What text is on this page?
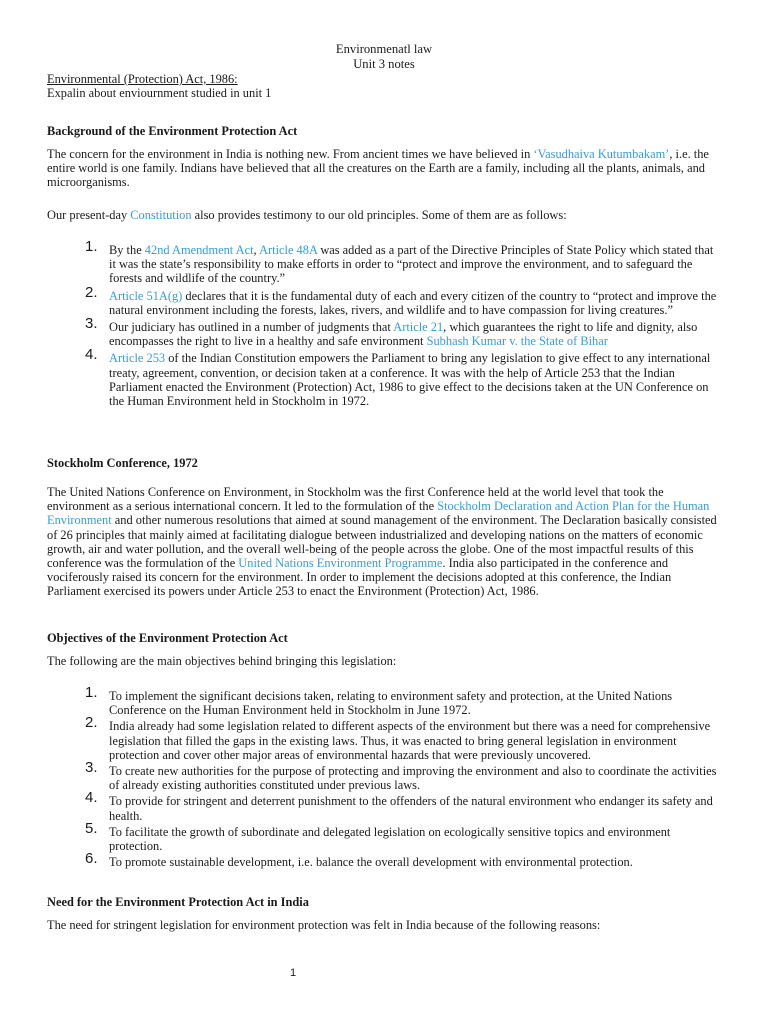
Environmenatl law
Unit 3 notes
Environmental (Protection) Act, 1986:
Expalin about enviournment studied in unit 1
Background of the Environment Protection Act
The concern for the environment in India is nothing new. From ancient times we have believed in ‘Vasudhaiva Kutumbakam’, i.e. the entire world is one family. Indians have believed that all the creatures on the Earth are a family, including all the plants, animals, and microorganisms.
Our present-day Constitution also provides testimony to our old principles. Some of them are as follows:
1. By the 42nd Amendment Act, Article 48A was added as a part of the Directive Principles of State Policy which stated that it was the state’s responsibility to make efforts in order to “protect and improve the environment, and to safeguard the forests and wildlife of the country.”
2. Article 51A(g) declares that it is the fundamental duty of each and every citizen of the country to “protect and improve the natural environment including the forests, lakes, rivers, and wildlife and to have compassion for living creatures.”
3. Our judiciary has outlined in a number of judgments that Article 21, which guarantees the right to life and dignity, also encompasses the right to live in a healthy and safe environment Subhash Kumar v. the State of Bihar
4. Article 253 of the Indian Constitution empowers the Parliament to bring any legislation to give effect to any international treaty, agreement, convention, or decision taken at a conference. It was with the help of Article 253 that the Indian Parliament enacted the Environment (Protection) Act, 1986 to give effect to the decisions taken at the UN Conference on the Human Environment held in Stockholm in 1972.
Stockholm Conference, 1972
The United Nations Conference on Environment, in Stockholm was the first Conference held at the world level that took the environment as a serious international concern. It led to the formulation of the Stockholm Declaration and Action Plan for the Human Environment and other numerous resolutions that aimed at sound management of the environment. The Declaration basically consisted of 26 principles that mainly aimed at facilitating dialogue between industrialized and developing nations on the matters of economic growth, air and water pollution, and the overall well-being of the people across the globe. One of the most impactful results of this conference was the formulation of the United Nations Environment Programme. India also participated in the conference and vociferously raised its concern for the environment. In order to implement the decisions adopted at this conference, the Indian Parliament exercised its powers under Article 253 to enact the Environment (Protection) Act, 1986.
Objectives of the Environment Protection Act
The following are the main objectives behind bringing this legislation:
1. To implement the significant decisions taken, relating to environment safety and protection, at the United Nations Conference on the Human Environment held in Stockholm in June 1972.
2. India already had some legislation related to different aspects of the environment but there was a need for comprehensive legislation that filled the gaps in the existing laws. Thus, it was enacted to bring general legislation in environment protection and cover other major areas of environmental hazards that were previously uncovered.
3. To create new authorities for the purpose of protecting and improving the environment and also to coordinate the activities of already existing authorities constituted under previous laws.
4. To provide for stringent and deterrent punishment to the offenders of the natural environment who endanger its safety and health.
5. To facilitate the growth of subordinate and delegated legislation on ecologically sensitive topics and environment protection.
6. To promote sustainable development, i.e. balance the overall development with environmental protection.
Need for the Environment Protection Act in India
The need for stringent legislation for environment protection was felt in India because of the following reasons:
1
